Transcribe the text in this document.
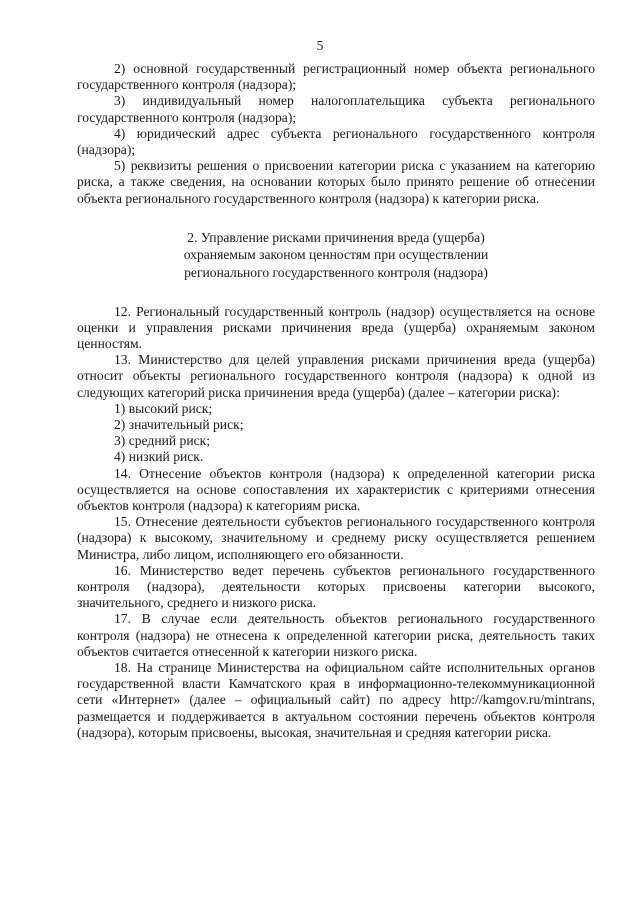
5

2) основной государственный регистрационный номер объекта регионального государственного контроля (надзора);

3) индивидуальный номер налогоплательщика субъекта регионального государственного контроля (надзора);

4) юридический адрес субъекта регионального государственного контроля (надзора);

5) реквизиты решения о присвоении категории риска с указанием на категорию риска, а также сведения, на основании которых было принято решение об отнесении объекта регионального государственного контроля (надзора) к категории риска.

2. Управление рисками причинения вреда (ущерба)
охраняемым законом ценностям при осуществлении
регионального государственного контроля (надзора)

12. Региональный государственный контроль (надзор) осуществляется на основе оценки и управления рисками причинения вреда (ущерба) охраняемым законом ценностям.

13. Министерство для целей управления рисками причинения вреда (ущерба) относит объекты регионального государственного контроля (надзора) к одной из следующих категорий риска причинения вреда (ущерба) (далее – категории риска):

1) высокий риск;

2) значительный риск;

3) средний риск;

4) низкий риск.

14. Отнесение объектов контроля (надзора) к определенной категории риска осуществляется на основе сопоставления их характеристик с критериями отнесения объектов контроля (надзора) к категориям риска.

15. Отнесение деятельности субъектов регионального государственного контроля (надзора) к высокому, значительному и среднему риску осуществляется решением Министра, либо лицом, исполняющего его обязанности.

16. Министерство ведет перечень субъектов регионального государственного контроля (надзора), деятельности которых присвоены категории высокого, значительного, среднего и низкого риска.

17. В случае если деятельность объектов регионального государственного контроля (надзора) не отнесена к определенной категории риска, деятельность таких объектов считается отнесенной к категории низкого риска.

18. На странице Министерства на официальном сайте исполнительных органов государственной власти Камчатского края в информационно-телекоммуникационной сети «Интернет» (далее – официальный сайт) по адресу http://kamgov.ru/mintrans, размещается и поддерживается в актуальном состоянии перечень объектов контроля (надзора), которым присвоены, высокая, значительная и средняя категории риска.
